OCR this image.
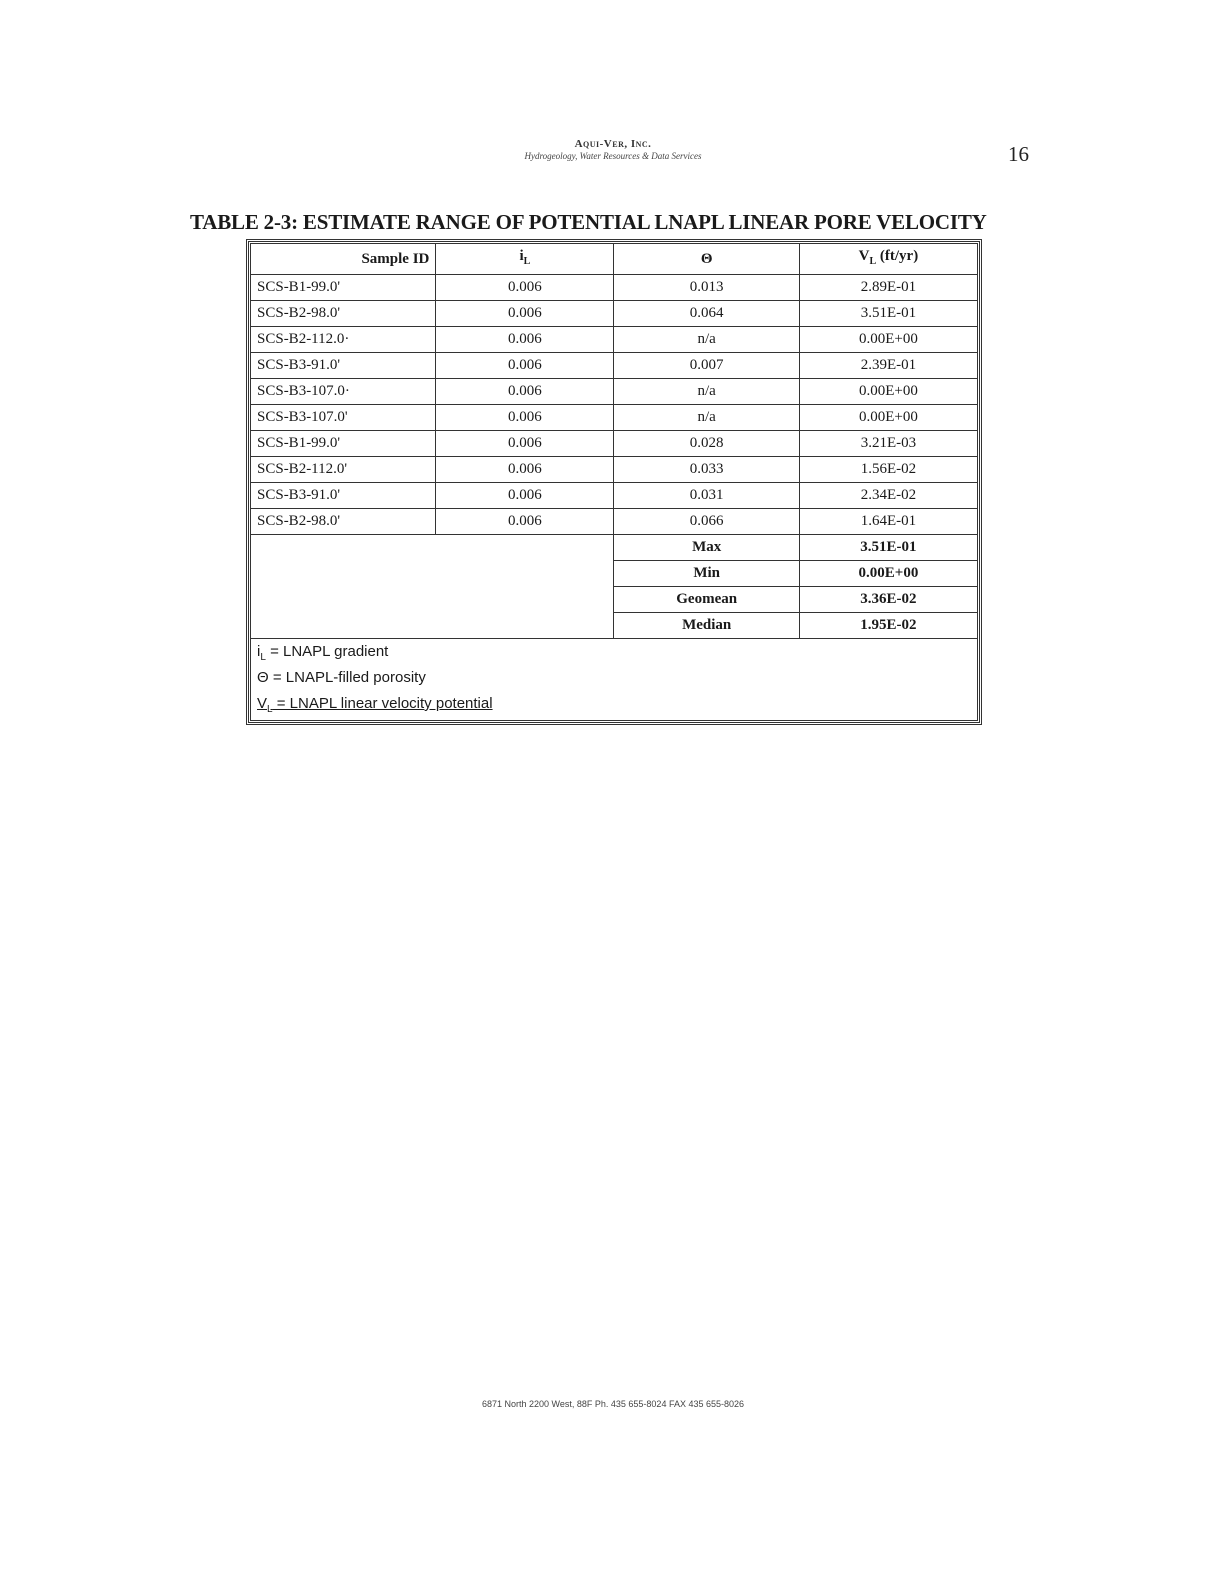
Aqui-Ver, Inc.
Hydrogeology, Water Resources & Data Services	16
TABLE 2-3: ESTIMATE RANGE OF POTENTIAL LNAPL LINEAR PORE VELOCITY
Sample ID	$i_L$	Θ	$V_L$ (ft/yr)
SCS-B1-99.0'	0.006	0.013	2.89E-01
SCS-B2-98.0'	0.006	0.064	3.51E-01
SCS-B2-112.0·	0.006	n/a	0.00E+00
SCS-B3-91.0'	0.006	0.007	2.39E-01
SCS-B3-107.0·	0.006	n/a	0.00E+00
SCS-B3-107.0'	0.006	n/a	0.00E+00
SCS-B1-99.0'	0.006	0.028	3.21E-03
SCS-B2-112.0'	0.006	0.033	1.56E-02
SCS-B3-91.0'	0.006	0.031	2.34E-02
SCS-B2-98.0'	0.006	0.066	1.64E-01
		Max	3.51E-01
		Min	0.00E+00
		Geomean	3.36E-02
		Median	1.95E-02

$i_L$ = LNAPL gradient
Θ = LNAPL-filled porosity
$V_L$ = LNAPL linear velocity potential			
6871 North 2200 West, 88F Ph. 435 655-8024 FAX 435 655-8026
